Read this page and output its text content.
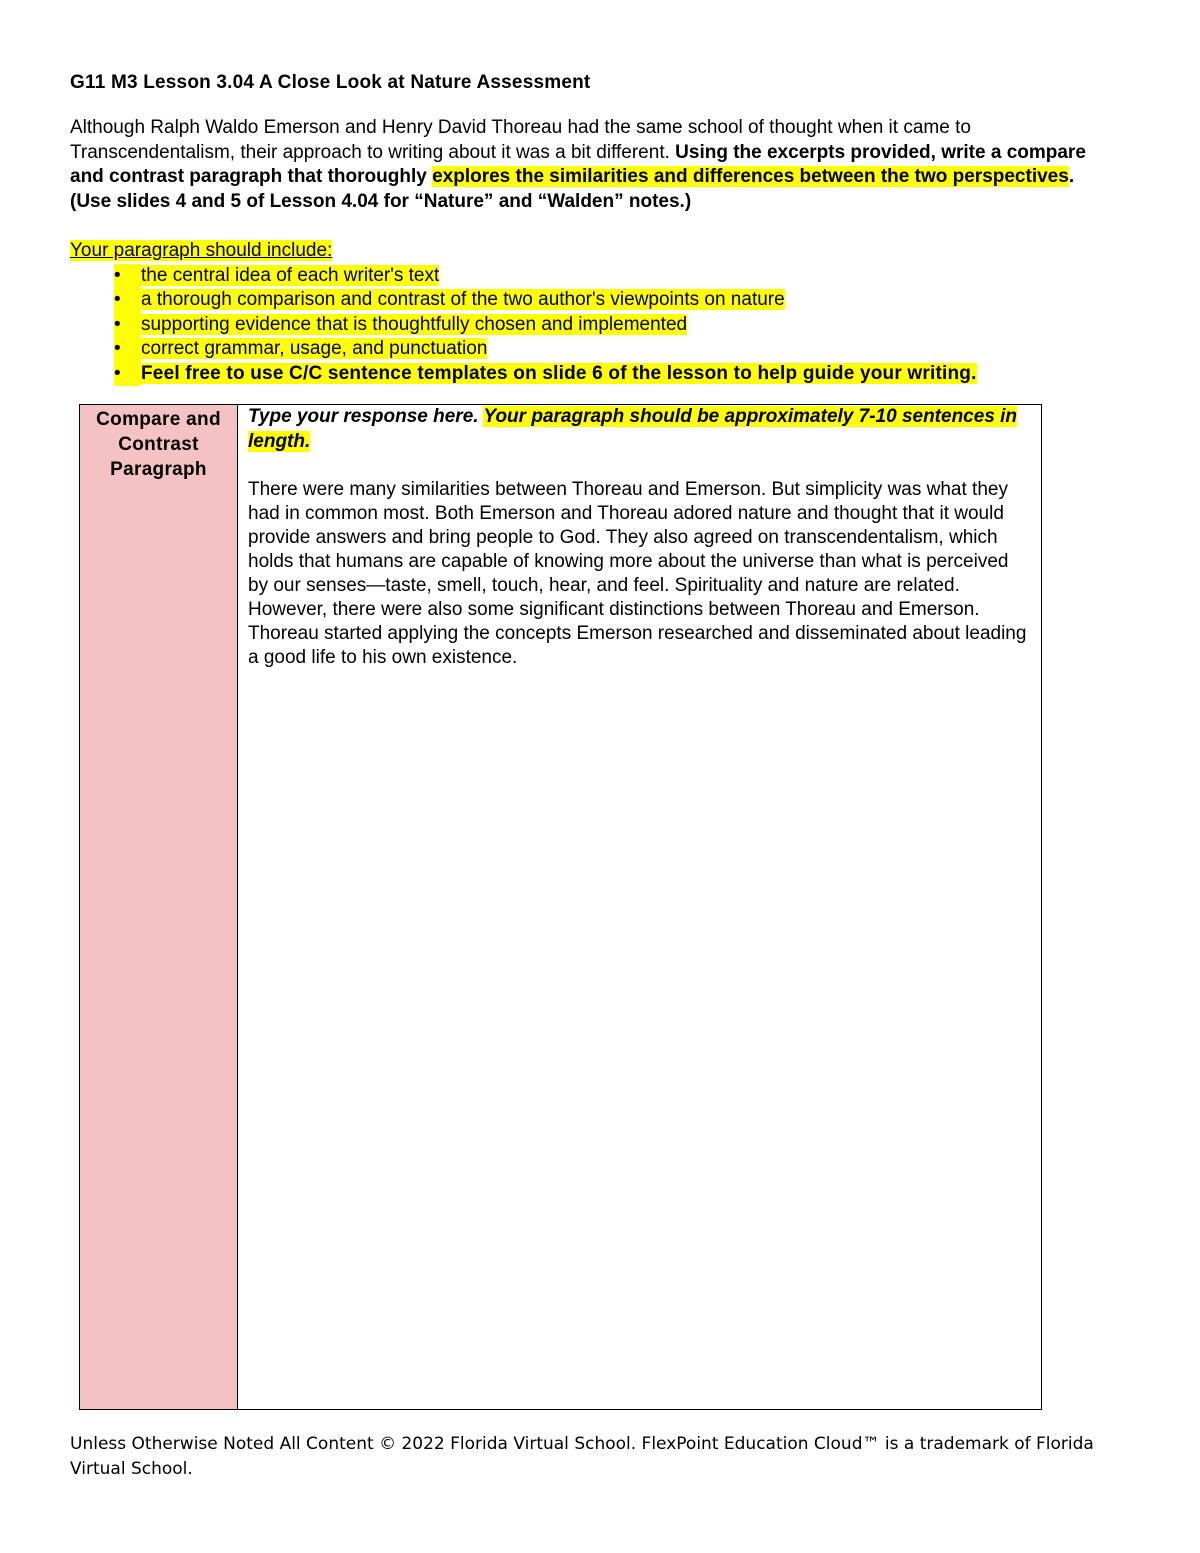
G11 M3 Lesson 3.04 A Close Look at Nature Assessment

Although Ralph Waldo Emerson and Henry David Thoreau had the same school of thought when it came to Transcendentalism, their approach to writing about it was a bit different. Using the excerpts provided, write a compare and contrast paragraph that thoroughly explores the similarities and differences between the two perspectives. (Use slides 4 and 5 of Lesson 4.04 for “Nature” and “Walden” notes.)

Your paragraph should include:
•	the central idea of each writer's text
•	a thorough comparison and contrast of the two author's viewpoints on nature
•	supporting evidence that is thoughtfully chosen and implemented
•	correct grammar, usage, and punctuation
•	Feel free to use C/C sentence templates on slide 6 of the lesson to help guide your writing.
Compare and Contrast Paragraph

Type your response here. Your paragraph should be approximately 7-10 sentences in length.

There were many similarities between Thoreau and Emerson. But simplicity was what they had in common most. Both Emerson and Thoreau adored nature and thought that it would provide answers and bring people to God. They also agreed on transcendentalism, which holds that humans are capable of knowing more about the universe than what is perceived by our senses—taste, smell, touch, hear, and feel. Spirituality and nature are related. However, there were also some significant distinctions between Thoreau and Emerson. Thoreau started applying the concepts Emerson researched and disseminated about leading a good life to his own existence.

Unless Otherwise Noted All Content © 2022 Florida Virtual School. FlexPoint Education Cloud™ is a trademark of Florida Virtual School.
